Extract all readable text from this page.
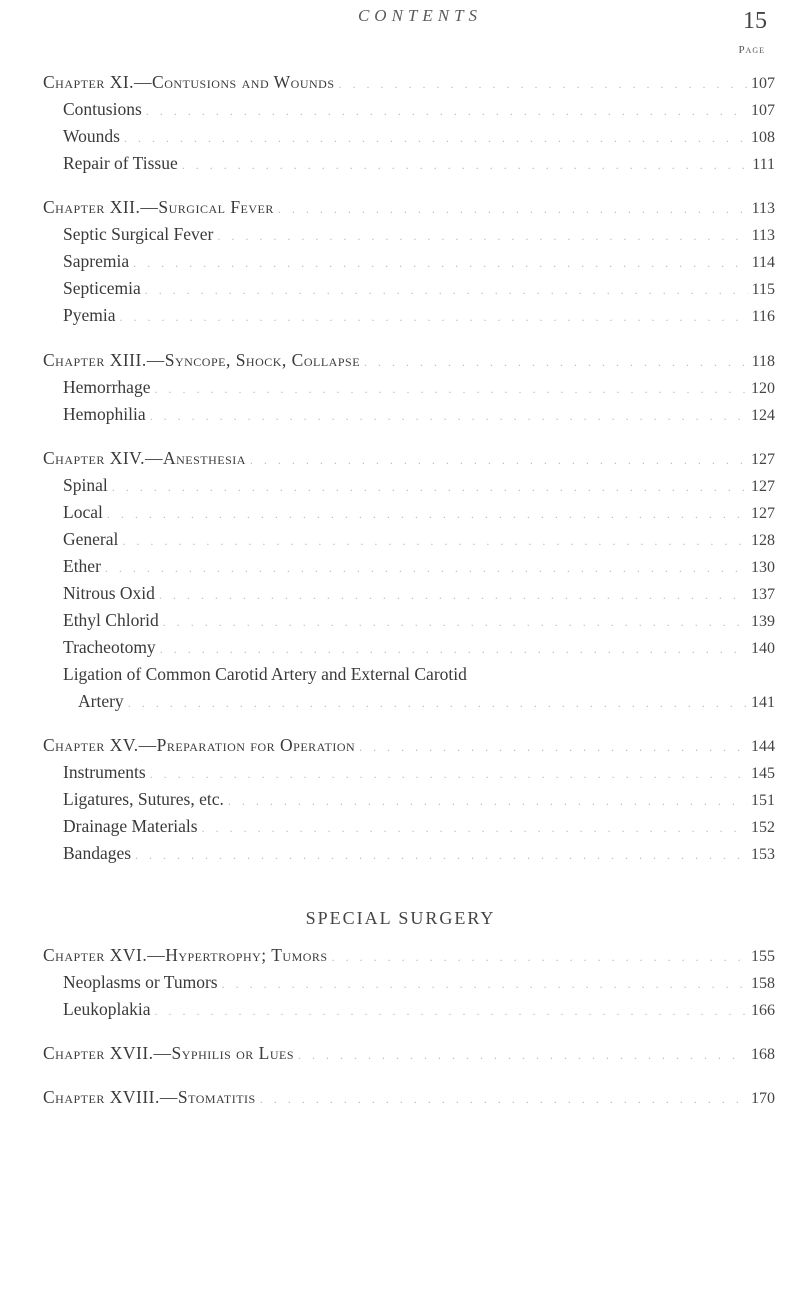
CONTENTS	15
Page
Chapter XI.—Contusions and Wounds . . .	107
Contusions . . .	107
Wounds . . .	108
Repair of Tissue . . .	111
Chapter XII.—Surgical Fever . . .	113
Septic Surgical Fever . . .	113
Sapremia . . .	114
Septicemia . . .	115
Pyemia . . .	116
Chapter XIII.—Syncope, Shock, Collapse . . .	118
Hemorrhage . . .	120
Hemophilia . . .	124
Chapter XIV.—Anesthesia . . .	127
Spinal . . .	127
Local . . .	127
General . . .	128
Ether . . .	130
Nitrous Oxid . . .	137
Ethyl Chlorid . . .	139
Tracheotomy . . .	140
Ligation of Common Carotid Artery and External Carotid
Artery . . .	141
Chapter XV.—Preparation for Operation . . .	144
Instruments . . .	145
Ligatures, Sutures, etc. . . .	151
Drainage Materials . . .	152
Bandages . . .	153
SPECIAL SURGERY
Chapter XVI.—Hypertrophy; Tumors . . .	155
Neoplasms or Tumors . . .	158
Leukoplakia . . .	166
Chapter XVII.—Syphilis or Lues . . .	168
Chapter XVIII.—Stomatitis . . .	170
